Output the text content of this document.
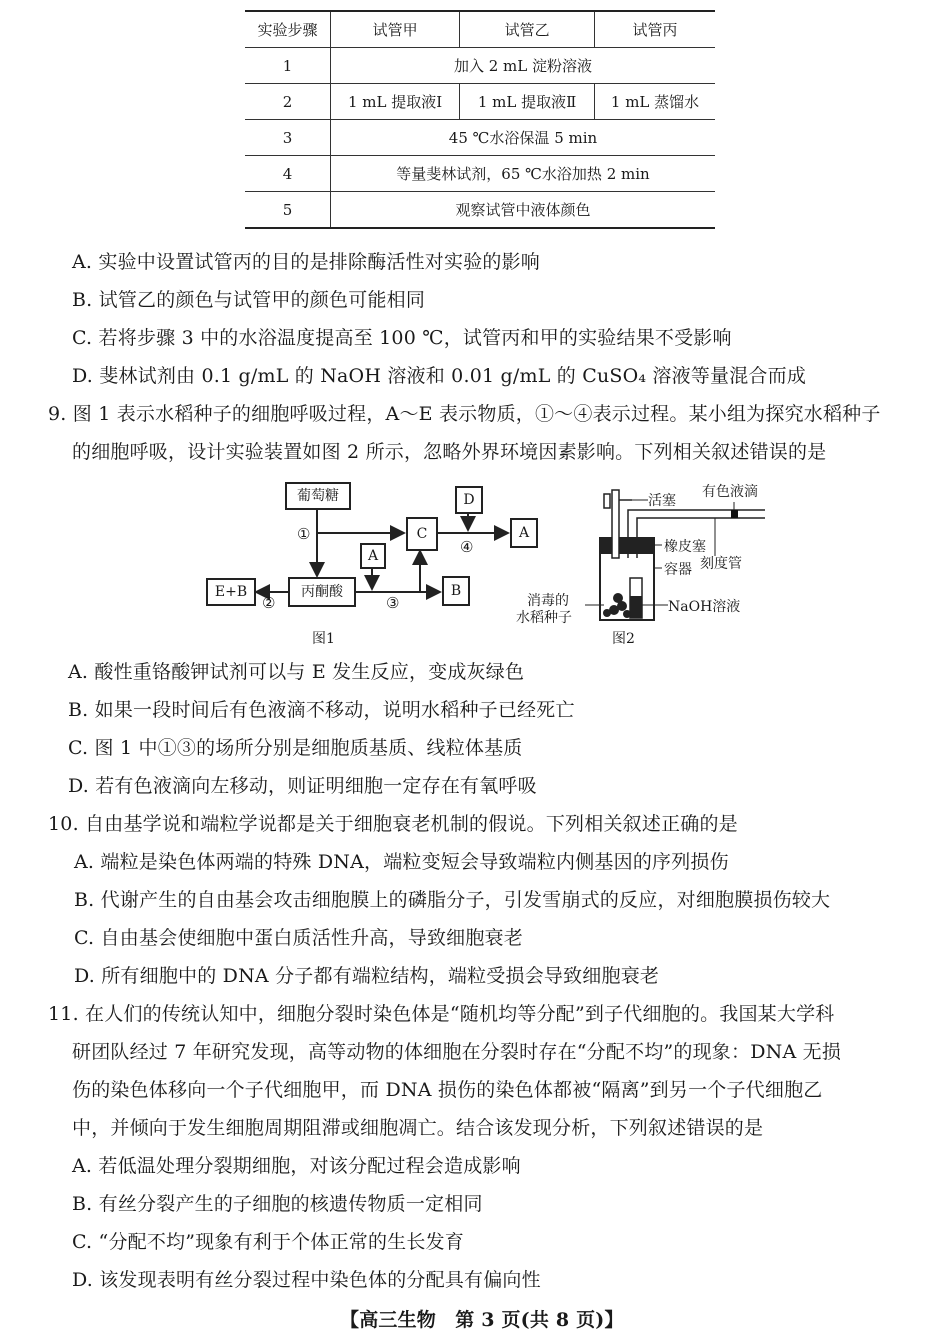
实验步骤	试管甲	试管乙	试管丙
1	加入 2 mL 淀粉溶液		
2	1 mL 提取液Ⅰ	1 mL 提取液Ⅱ	1 mL 蒸馏水
3	45 ℃水浴保温 5 min		
4	等量斐林试剂，65 ℃水浴加热 2 min		
5	观察试管中液体颜色		
A. 实验中设置试管丙的目的是排除酶活性对实验的影响
B. 试管乙的颜色与试管甲的颜色可能相同
C. 若将步骤 3 中的水浴温度提高至 100 ℃，试管丙和甲的实验结果不受影响
D. 斐林试剂由 0.1 g/mL 的 NaOH 溶液和 0.01 g/mL 的 CuSO₄ 溶液等量混合而成
9. 图 1 表示水稻种子的细胞呼吸过程，A～E 表示物质，①～④表示过程。某小组为探究水稻种子
的细胞呼吸，设计实验装置如图 2 所示，忽略外界环境因素影响。下列相关叙述错误的是
葡萄糖
丙酮酸
C
D
A
A
B
E+B
①
②	③
④
图1
活塞
有色液滴
橡皮塞
容器 刻度管
消毒的
水稻种子
NaOH溶液
图2
A. 酸性重铬酸钾试剂可以与 E 发生反应，变成灰绿色
B. 如果一段时间后有色液滴不移动，说明水稻种子已经死亡
C. 图 1 中①③的场所分别是细胞质基质、线粒体基质
D. 若有色液滴向左移动，则证明细胞一定存在有氧呼吸
10. 自由基学说和端粒学说都是关于细胞衰老机制的假说。下列相关叙述正确的是
A. 端粒是染色体两端的特殊 DNA，端粒变短会导致端粒内侧基因的序列损伤
B. 代谢产生的自由基会攻击细胞膜上的磷脂分子，引发雪崩式的反应，对细胞膜损伤较大
C. 自由基会使细胞中蛋白质活性升高，导致细胞衰老
D. 所有细胞中的 DNA 分子都有端粒结构，端粒受损会导致细胞衰老
11. 在人们的传统认知中，细胞分裂时染色体是“随机均等分配”到子代细胞的。我国某大学科
研团队经过 7 年研究发现，高等动物的体细胞在分裂时存在“分配不均”的现象：DNA 无损
伤的染色体移向一个子代细胞甲，而 DNA 损伤的染色体都被“隔离”到另一个子代细胞乙
中，并倾向于发生细胞周期阻滞或细胞凋亡。结合该发现分析，下列叙述错误的是
A. 若低温处理分裂期细胞，对该分配过程会造成影响
B. 有丝分裂产生的子细胞的核遗传物质一定相同
C. “分配不均”现象有利于个体正常的生长发育
D. 该发现表明有丝分裂过程中染色体的分配具有偏向性
【高三生物　第 3 页(共 8 页)】
